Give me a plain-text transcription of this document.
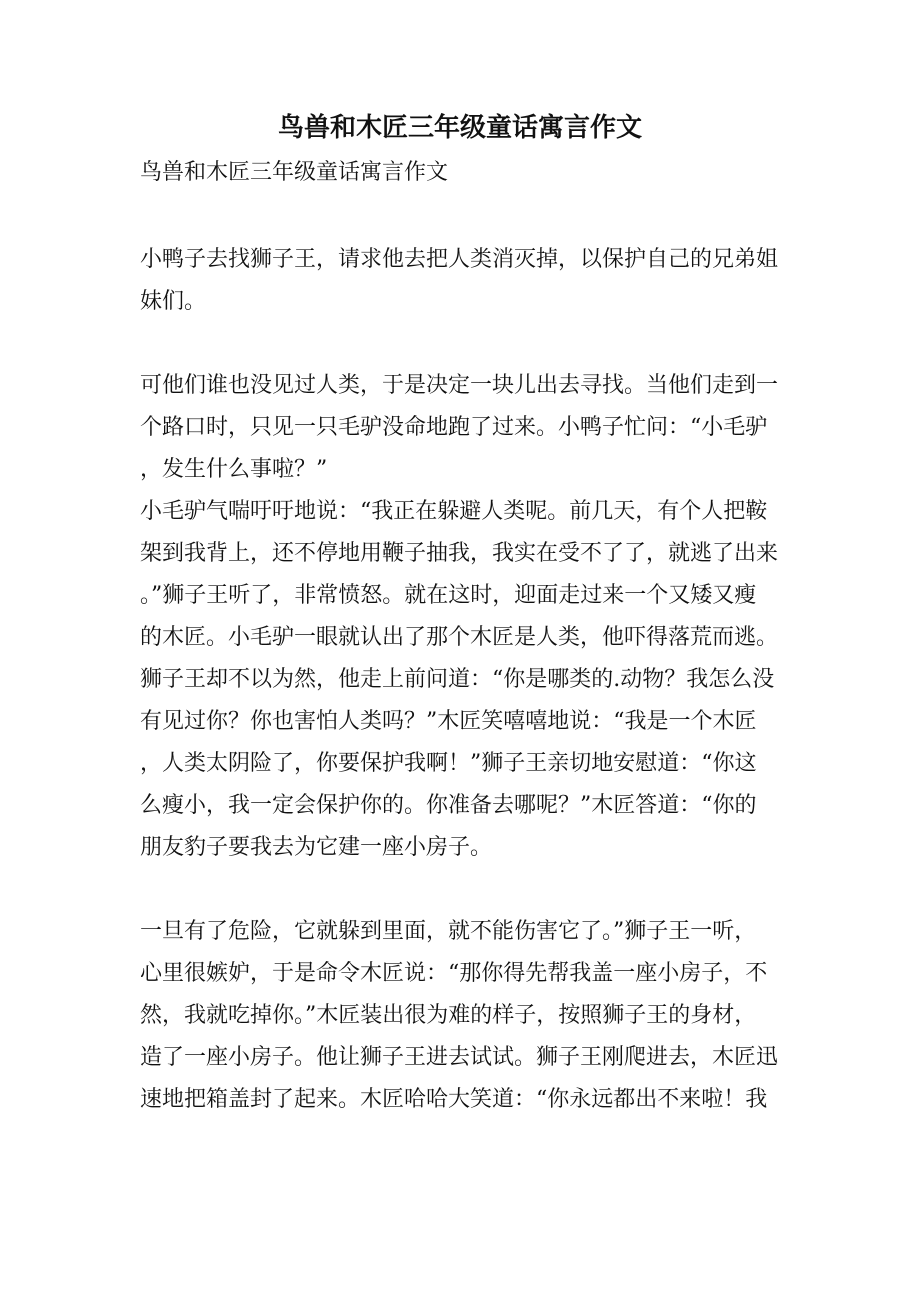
鸟兽和木匠三年级童话寓言作文
鸟兽和木匠三年级童话寓言作文
小鸭子去找狮子王，请求他去把人类消灭掉，以保护自己的兄弟姐
妹们。
可他们谁也没见过人类，于是决定一块儿出去寻找。当他们走到一
个路口时，只见一只毛驴没命地跑了过来。小鸭子忙问：“小毛驴
，发生什么事啦？”
小毛驴气喘吁吁地说：“我正在躲避人类呢。前几天，有个人把鞍
架到我背上，还不停地用鞭子抽我，我实在受不了了，就逃了出来
。”狮子王听了，非常愤怒。就在这时，迎面走过来一个又矮又瘦
的木匠。小毛驴一眼就认出了那个木匠是人类，他吓得落荒而逃。
狮子王却不以为然，他走上前问道：“你是哪类的.动物？我怎么没
有见过你？你也害怕人类吗？”木匠笑嘻嘻地说：“我是一个木匠
，人类太阴险了，你要保护我啊！”狮子王亲切地安慰道：“你这
么瘦小，我一定会保护你的。你准备去哪呢？”木匠答道：“你的
朋友豹子要我去为它建一座小房子。
一旦有了危险，它就躲到里面，就不能伤害它了。”狮子王一听，
心里很嫉妒，于是命令木匠说：“那你得先帮我盖一座小房子，不
然，我就吃掉你。”木匠装出很为难的样子，按照狮子王的身材，
造了一座小房子。他让狮子王进去试试。狮子王刚爬进去，木匠迅
速地把箱盖封了起来。木匠哈哈大笑道：“你永远都出不来啦！我
